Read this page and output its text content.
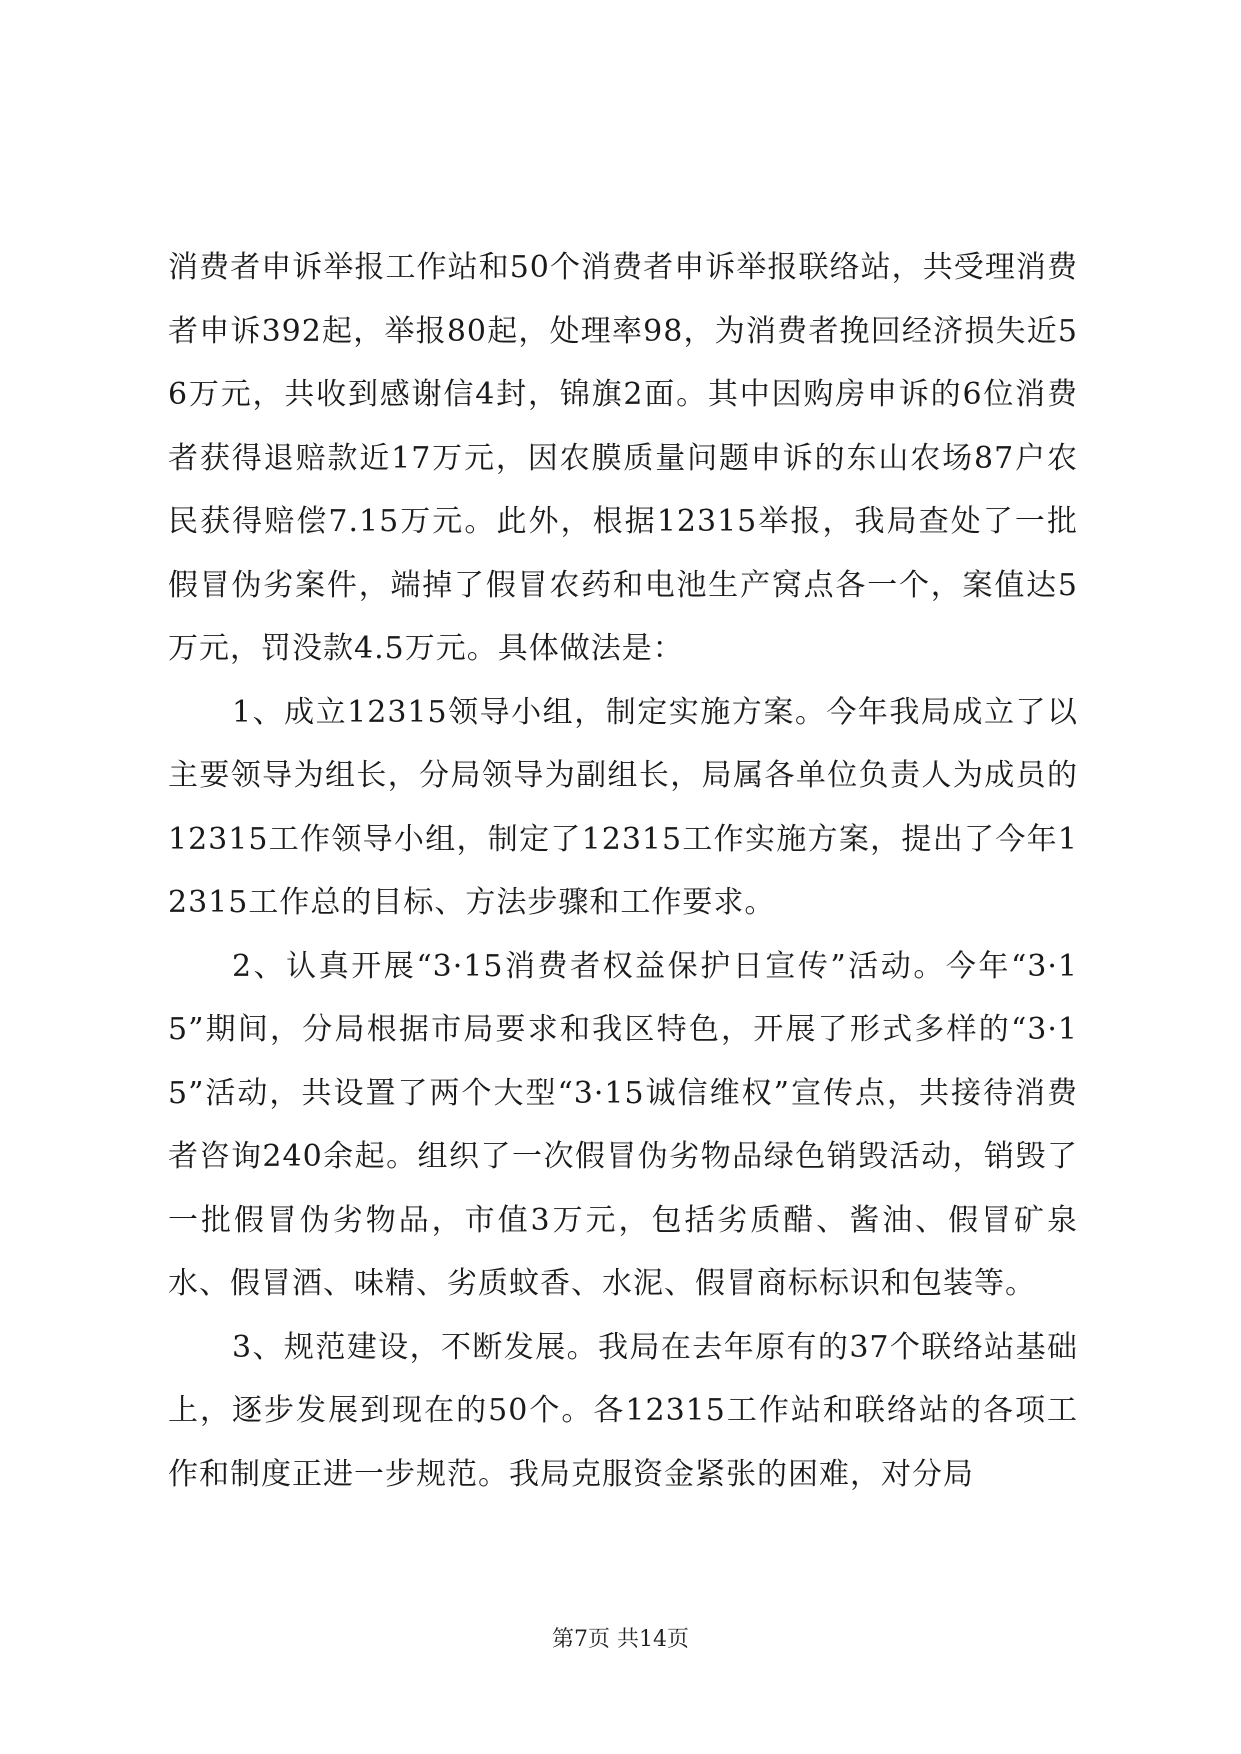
消费者申诉举报工作站和50个消费者申诉举报联络站，共受理消费者申诉392起，举报80起，处理率98，为消费者挽回经济损失近56万元，共收到感谢信4封，锦旗2面。其中因购房申诉的6位消费者获得退赔款近17万元，因农膜质量问题申诉的东山农场87户农民获得赔偿7.15万元。此外，根据12315举报，我局查处了一批假冒伪劣案件，端掉了假冒农药和电池生产窝点各一个，案值达5万元，罚没款4.5万元。具体做法是：

1、成立12315领导小组，制定实施方案。今年我局成立了以主要领导为组长，分局领导为副组长，局属各单位负责人为成员的12315工作领导小组，制定了12315工作实施方案，提出了今年12315工作总的目标、方法步骤和工作要求。

2、认真开展“3·15消费者权益保护日宣传”活动。今年“3·15”期间，分局根据市局要求和我区特色，开展了形式多样的“3·15”活动，共设置了两个大型“3·15诚信维权”宣传点，共接待消费者咨询240余起。组织了一次假冒伪劣物品绿色销毁活动，销毁了一批假冒伪劣物品，市值3万元，包括劣质醋、酱油、假冒矿泉水、假冒酒、味精、劣质蚊香、水泥、假冒商标标识和包装等。

3、规范建设，不断发展。我局在去年原有的37个联络站基础上，逐步发展到现在的50个。各12315工作站和联络站的各项工作和制度正进一步规范。我局克服资金紧张的困难，对分局

第7页 共14页
